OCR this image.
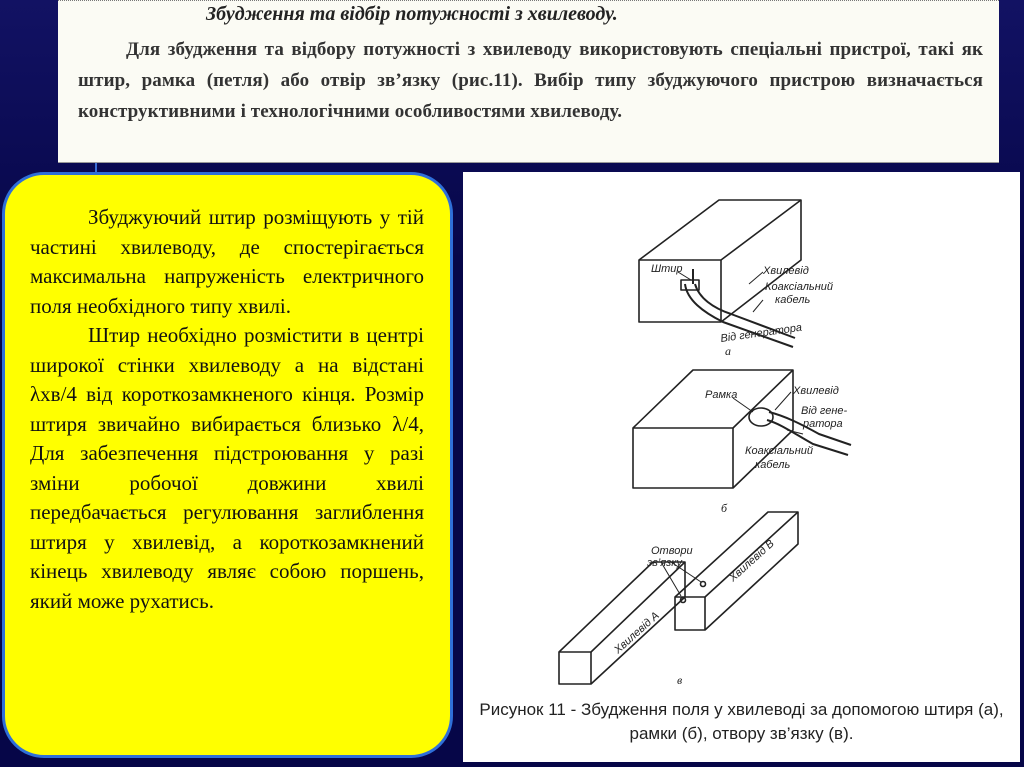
Збудження та відбір потужності з хвилеводу.
Для збудження та відбору потужності з хвилеводу використовують спеціальні пристрої, такі як штир, рамка (петля) або отвір зв’язку (рис.11). Вибір типу збуджуючого пристрою визначається конструктивними і технологічними особливостями хвилеводу.

Збуджуючий штир розміщують у тій частині хвилеводу, де спостерігається максимальна напруженість електричного поля необхідного типу хвилі.

Штир необхідно розмістити в центрі широкої стінки хвилеводу а на відстані λхв/4 від короткозамкненого кінця. Розмір штиря звичайно вибирається близько λ/4, Для забезпечення підстроювання у разі зміни робочої довжини хвилі передбачається регулювання заглиблення штиря у хвилевід, а короткозамкнений кінець хвилеводу являє собою поршень, який може рухатись.

Штир	Хвилевід
Коаксіальний
кабель
Від генератора
а
Рамка	Хвилевід
Від гене-
ратора
Коаксіальний
кабель
б
Отвори
зв’язку
Хвилевід А
Хвилевід В
в
Рисунок 11 - Збудження поля у хвилеводі за допомогою штиря (а),
рамки (б), отвору зв’язку (в).
